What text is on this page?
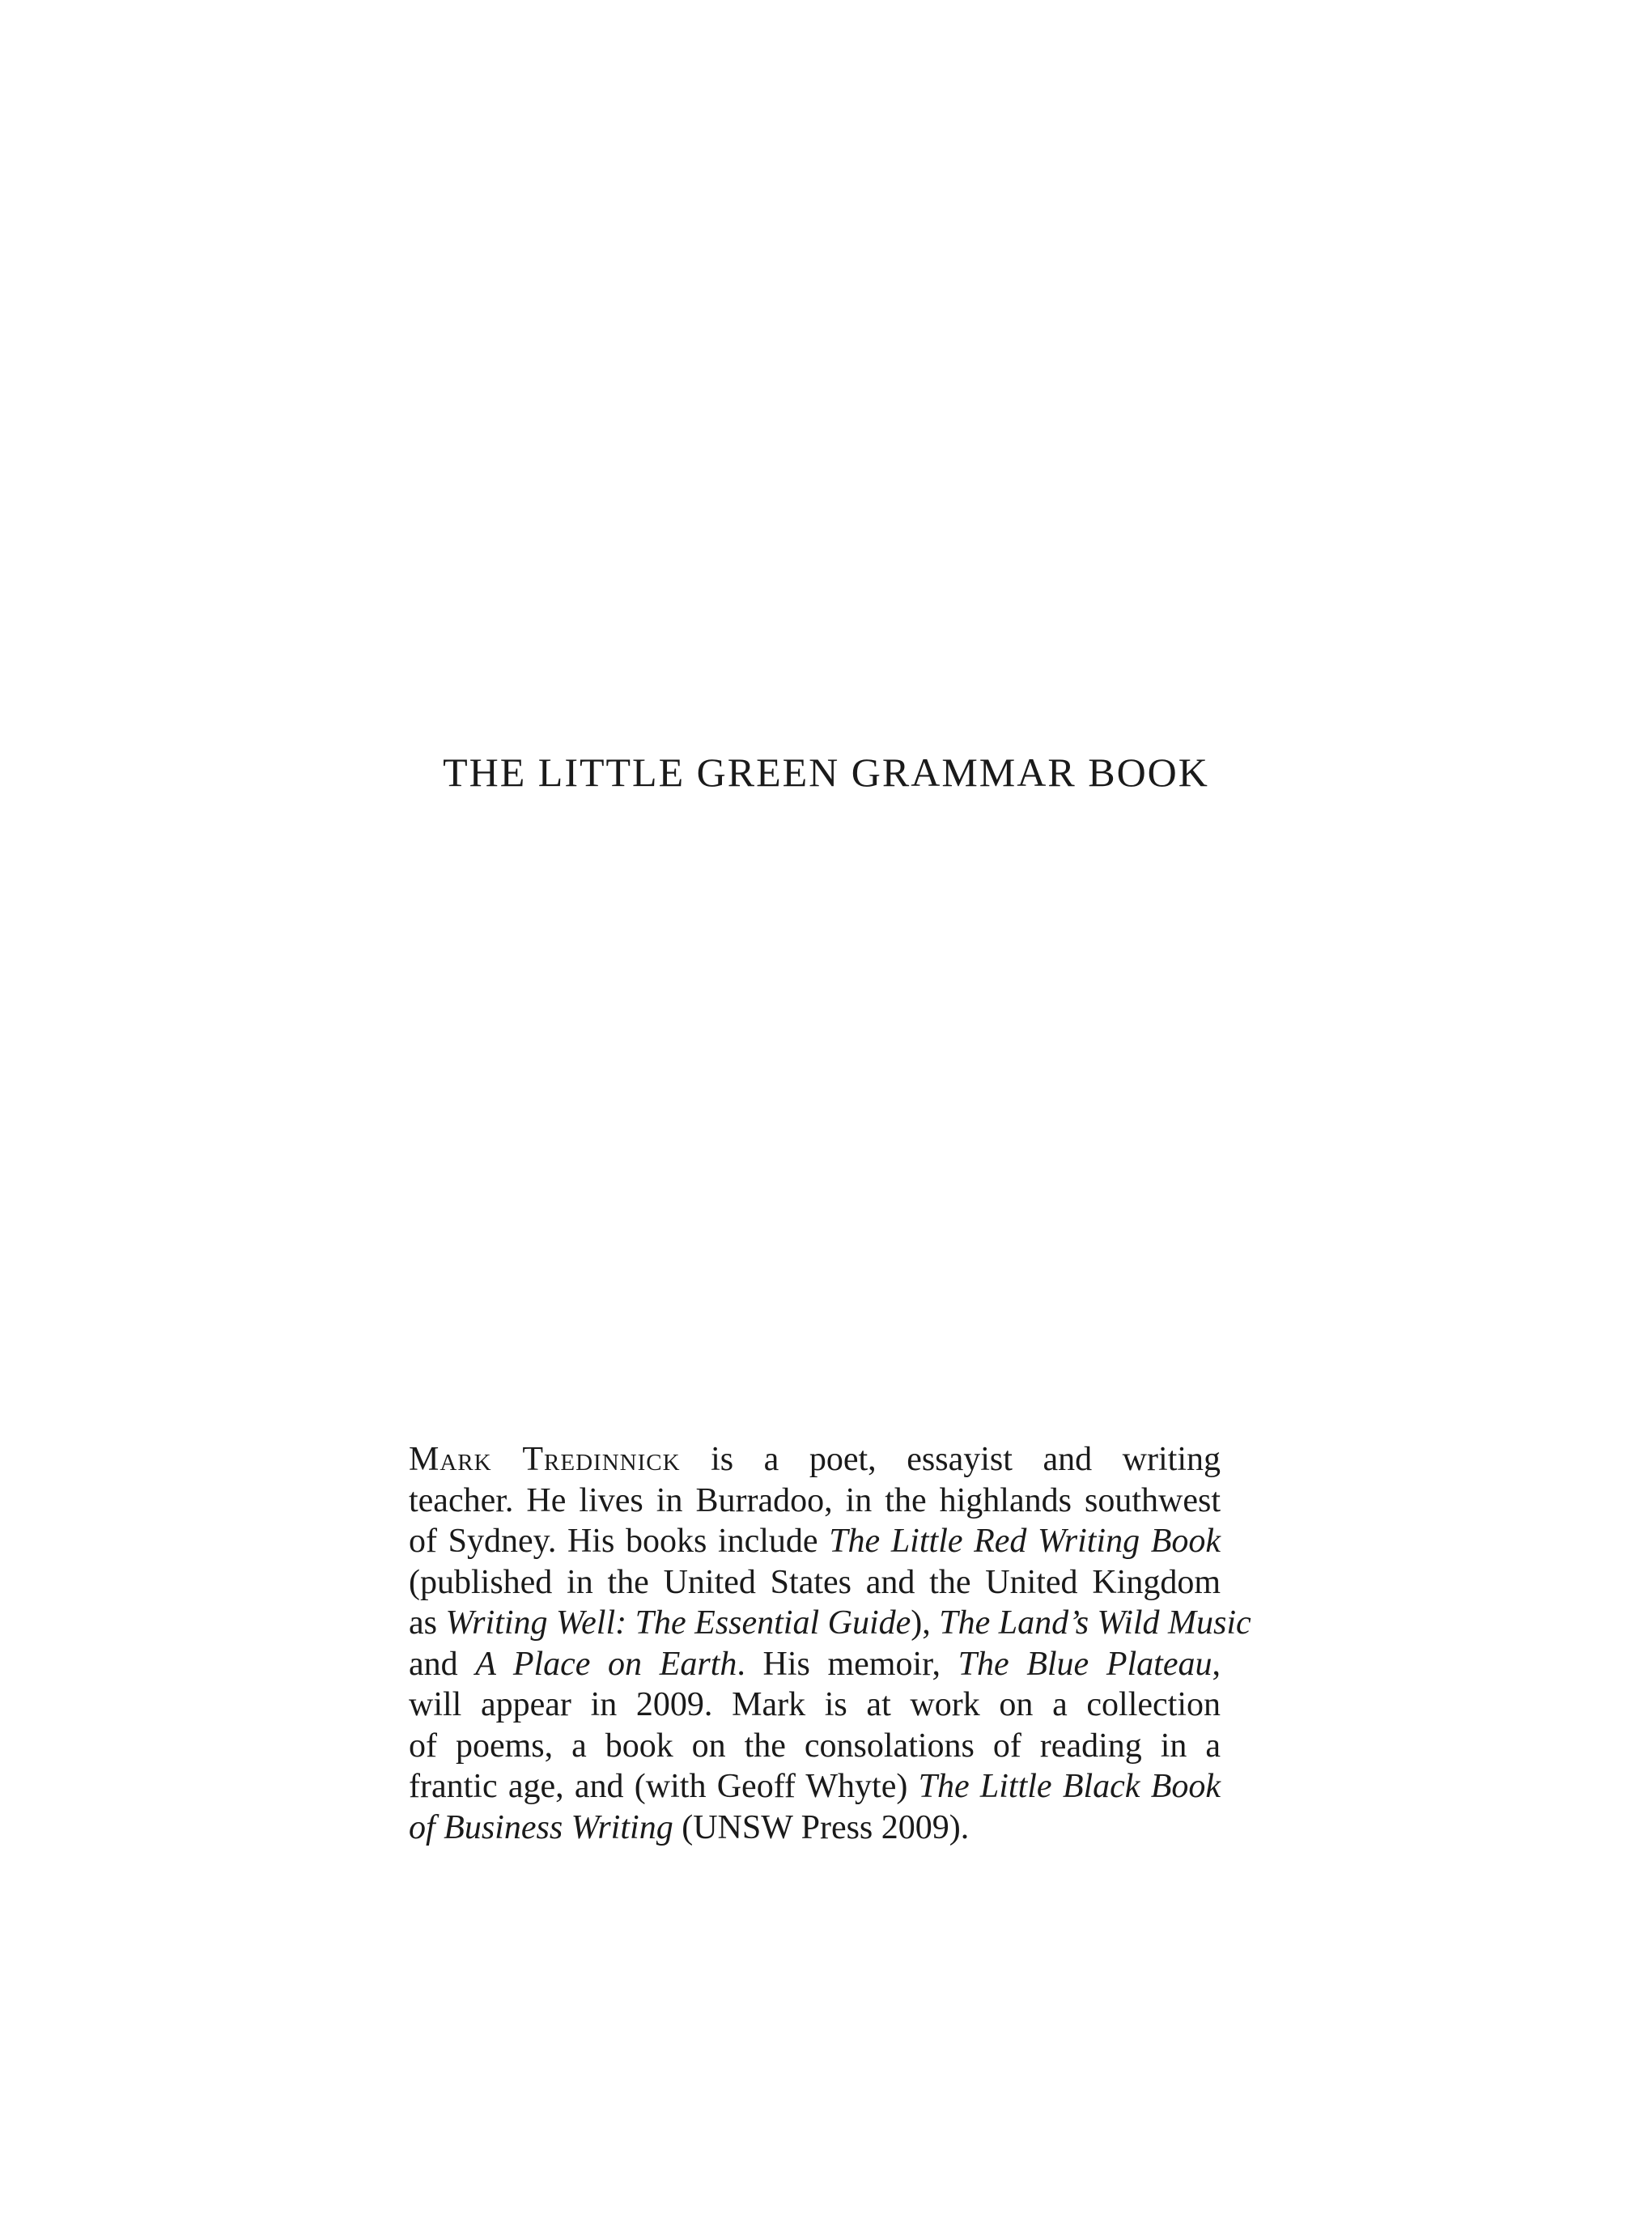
THE LITTLE GREEN GRAMMAR BOOK
Mark Tredinnick is a poet, essayist and writing
teacher. He lives in Burradoo, in the highlands southwest
of Sydney. His books include The Little Red Writing Book
(published in the United States and the United Kingdom
as Writing Well: The Essential Guide), The Land’s Wild Music
and A Place on Earth. His memoir, The Blue Plateau,
will appear in 2009. Mark is at work on a collection
of poems, a book on the consolations of reading in a
frantic age, and (with Geoff Whyte) The Little Black Book
of Business Writing (UNSW Press 2009).
